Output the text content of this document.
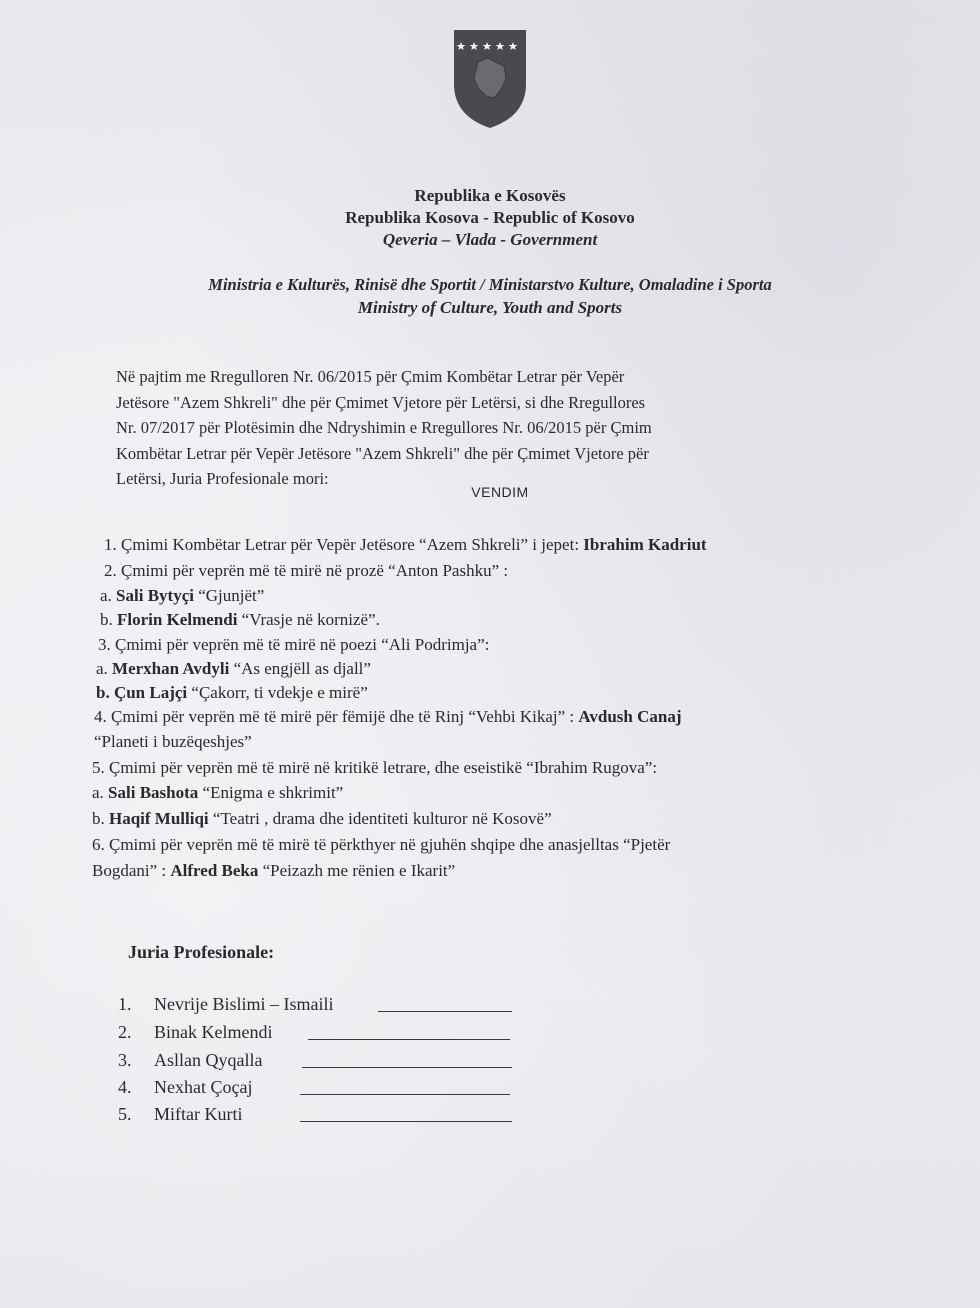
Republika e Kosovës
Republika Kosova - Republic of Kosovo
Qeveria – Vlada - Government
Ministria e Kulturës, Rinisë dhe Sportit / Ministarstvo Kulture, Omaladine i Sporta
Ministry of Culture, Youth and Sports
Në pajtim me Rregulloren Nr. 06/2015 për Çmim Kombëtar Letrar për Vepër
Jetësore "Azem Shkreli" dhe për Çmimet Vjetore për Letërsi, si dhe Rregullores
Nr. 07/2017 për Plotësimin dhe Ndryshimin e Rregullores Nr. 06/2015 për Çmim
Kombëtar Letrar për Vepër Jetësore "Azem Shkreli" dhe për Çmimet Vjetore për
Letërsi, Juria Profesionale mori:
VENDIM
1. Çmimi Kombëtar Letrar për Vepër Jetësore “Azem Shkreli” i jepet: Ibrahim Kadriut
2. Çmimi për veprën më të mirë në prozë “Anton Pashku” :
a. Sali Bytyçi “Gjunjët”
b. Florin Kelmendi “Vrasje në kornizë”.
3. Çmimi për veprën më të mirë në poezi “Ali Podrimja”:
a. Merxhan Avdyli “As engjëll as djall”
b. Çun Lajçi “Çakorr, ti vdekje e mirë”
4. Çmimi për veprën më të mirë për fëmijë dhe të Rinj “Vehbi Kikaj” : Avdush Canaj
“Planeti i buzëqeshjes”
5. Çmimi për veprën më të mirë në kritikë letrare, dhe eseistikë “Ibrahim Rugova”:
a. Sali Bashota “Enigma e shkrimit”
b. Haqif Mulliqi “Teatri , drama dhe identiteti kulturor në Kosovë”
6. Çmimi për veprën më të mirë të përkthyer në gjuhën shqipe dhe anasjelltas “Pjetër
Bogdani” : Alfred Beka “Peizazh me rënien e Ikarit”
Juria Profesionale:
1. Nevrije Bislimi – Ismaili
2. Binak Kelmendi
3. Asllan Qyqalla
4. Nexhat Çoçaj
5. Miftar Kurti
